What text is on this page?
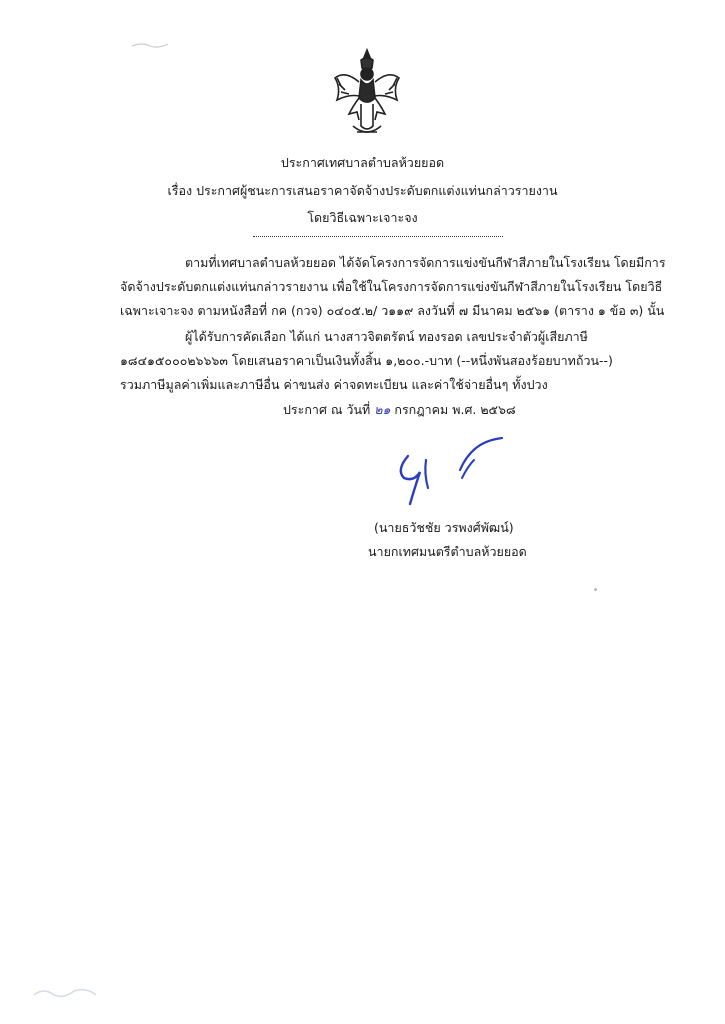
ประกาศเทศบาลตำบลห้วยยอด
เรื่อง ประกาศผู้ชนะการเสนอราคาจัดจ้างประดับตกแต่งแท่นกล่าวรายงาน
โดยวิธีเฉพาะเจาะจง
ตามที่เทศบาลตำบลห้วยยอด ได้จัดโครงการจัดการแข่งขันกีฬาสีภายในโรงเรียน โดยมีการ
จัดจ้างประดับตกแต่งแท่นกล่าวรายงาน เพื่อใช้ในโครงการจัดการแข่งขันกีฬาสีภายในโรงเรียน โดยวิธี
เฉพาะเจาะจง ตามหนังสือที่ กค (กวจ) ๐๔๐๕.๒/ ว๑๑๙ ลงวันที่ ๗ มีนาคม ๒๕๖๑ (ตาราง ๑ ข้อ ๓) นั้น
ผู้ได้รับการคัดเลือก ได้แก่ นางสาวจิตตรัตน์ ทองรอด เลขประจำตัวผู้เสียภาษี
๑๘๔๑๕๐๐๐๒๖๖๖๓ โดยเสนอราคาเป็นเงินทั้งสิ้น ๑,๒๐๐.-บาท (--หนึ่งพันสองร้อยบาทถ้วน--)
รวมภาษีมูลค่าเพิ่มและภาษีอื่น ค่าขนส่ง ค่าจดทะเบียน และค่าใช้จ่ายอื่นๆ ทั้งปวง
ประกาศ ณ วันที่ ๒๑ กรกฎาคม พ.ศ. ๒๕๖๘
(นายธวัชชัย วรพงศ์พัฒน์)
นายกเทศมนตรีตำบลห้วยยอด
